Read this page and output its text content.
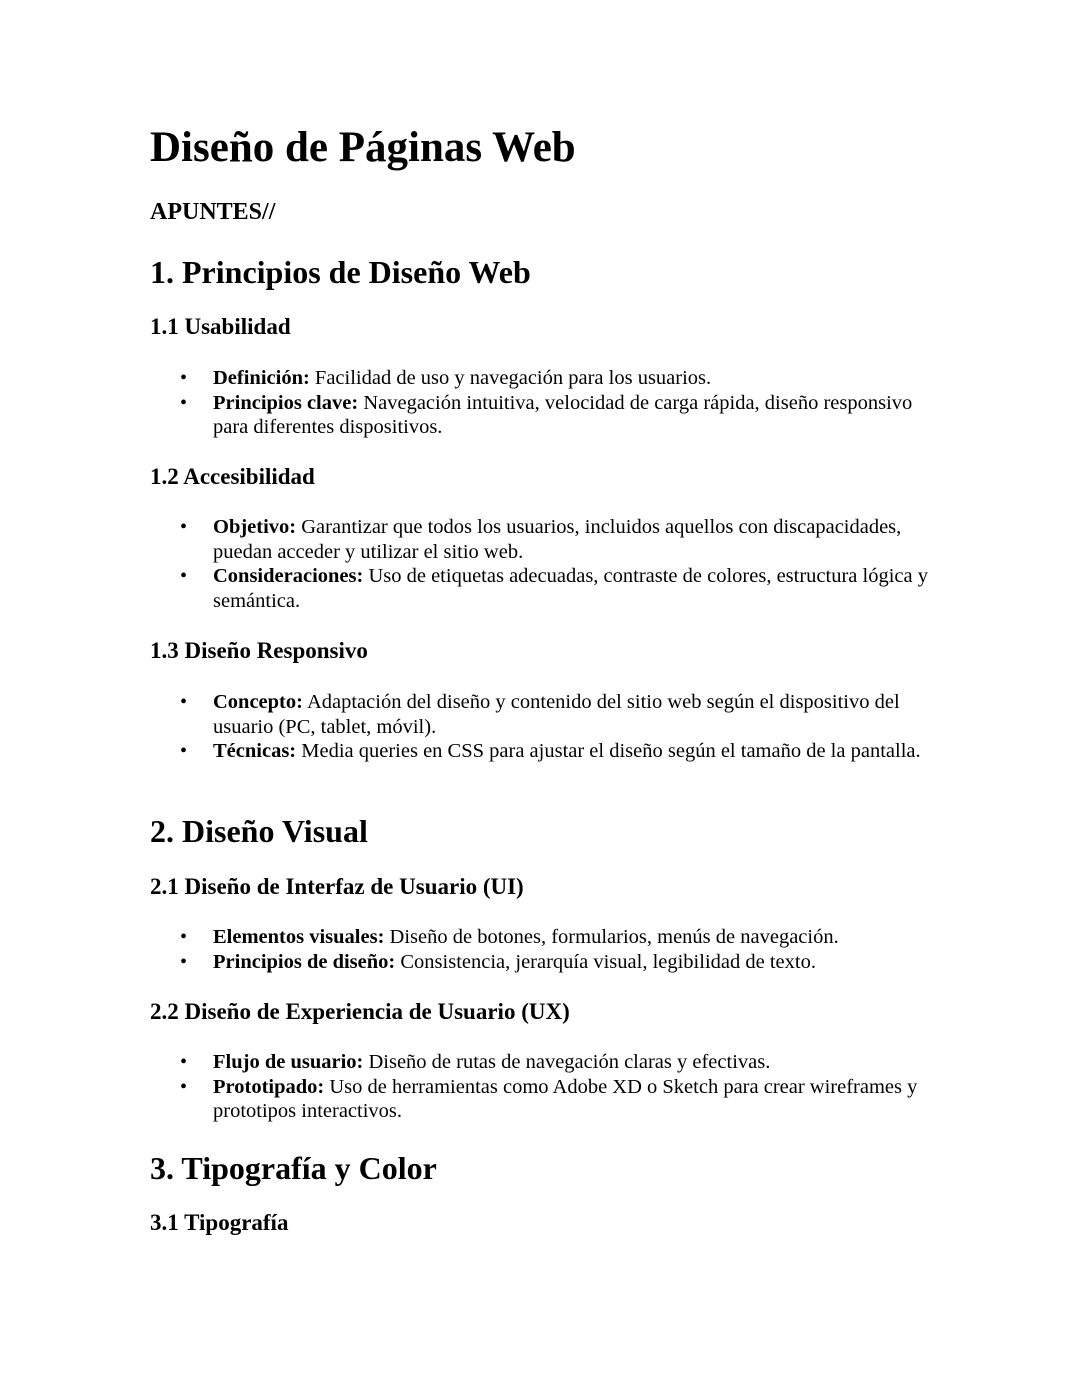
Diseño de Páginas Web

APUNTES//

1. Principios de Diseño Web
1.1 Usabilidad
• Definición: Facilidad de uso y navegación para los usuarios.
• Principios clave: Navegación intuitiva, velocidad de carga rápida, diseño responsivo para diferentes dispositivos.
1.2 Accesibilidad
• Objetivo: Garantizar que todos los usuarios, incluidos aquellos con discapacidades, puedan acceder y utilizar el sitio web.
• Consideraciones: Uso de etiquetas adecuadas, contraste de colores, estructura lógica y semántica.
1.3 Diseño Responsivo
• Concepto: Adaptación del diseño y contenido del sitio web según el dispositivo del usuario (PC, tablet, móvil).
• Técnicas: Media queries en CSS para ajustar el diseño según el tamaño de la pantalla.
2. Diseño Visual
2.1 Diseño de Interfaz de Usuario (UI)
• Elementos visuales: Diseño de botones, formularios, menús de navegación.
• Principios de diseño: Consistencia, jerarquía visual, legibilidad de texto.
2.2 Diseño de Experiencia de Usuario (UX)
• Flujo de usuario: Diseño de rutas de navegación claras y efectivas.
• Prototipado: Uso de herramientas como Adobe XD o Sketch para crear wireframes y prototipos interactivos.
3. Tipografía y Color
3.1 Tipografía
